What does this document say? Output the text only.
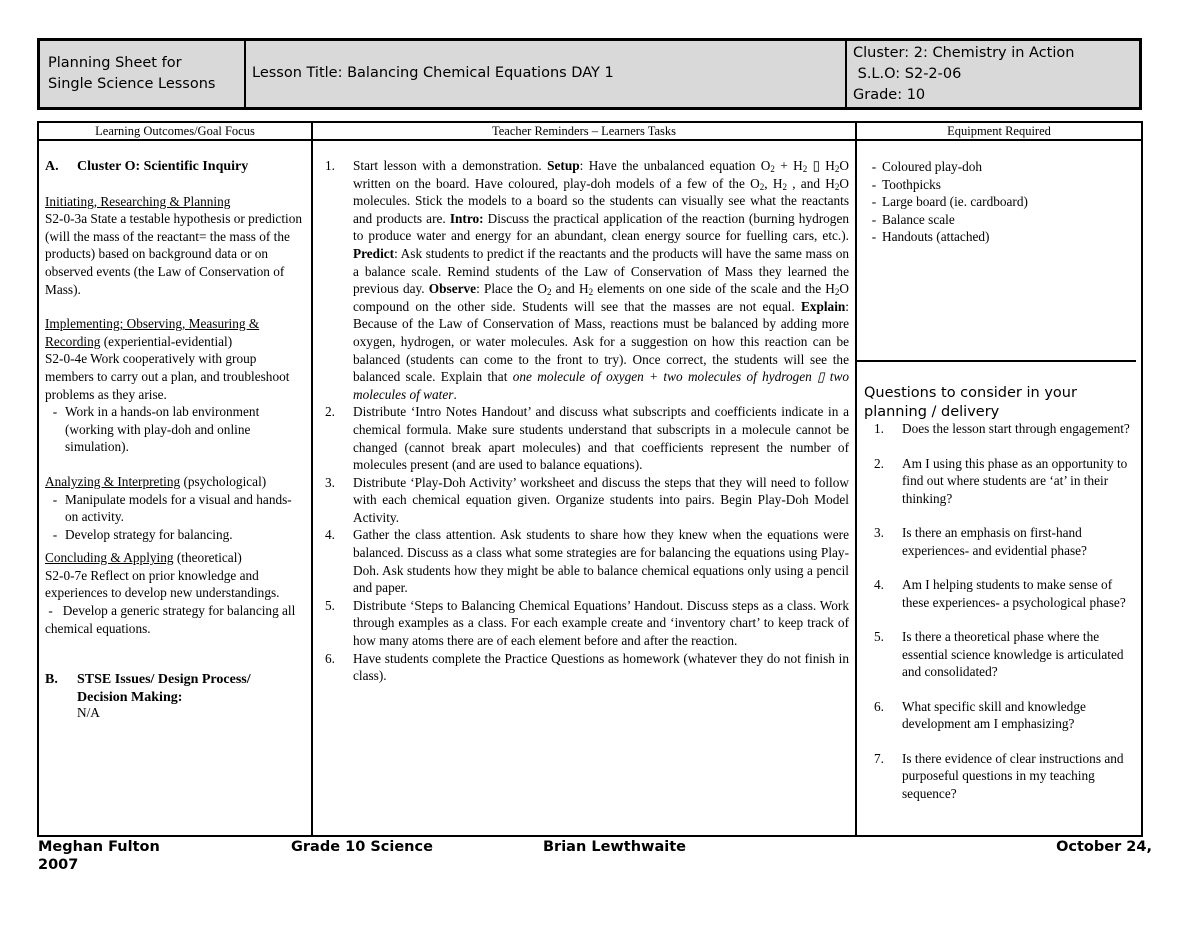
Planning Sheet for
Single Science Lessons
Lesson Title: Balancing Chemical Equations DAY 1
Cluster: 2: Chemistry in Action
S.L.O: S2-2-06
Grade: 10
Learning Outcomes/Goal Focus	Teacher Reminders – Learners Tasks	Equipment Required
A.	Cluster O: Scientific Inquiry
Initiating, Researching & Planning
S2-0-3a State a testable hypothesis or prediction (will the mass of the reactant= the mass of the products) based on background data or on observed events (the Law of Conservation of Mass).
Implementing; Observing, Measuring & Recording (experiential-evidential)
S2-0-4e Work cooperatively with group members to carry out a plan, and troubleshoot problems as they arise.
- Work in a hands-on lab environment (working with play-doh and online simulation).
Analyzing & Interpreting (psychological)
- Manipulate models for a visual and hands-on activity.
- Develop strategy for balancing.
Concluding & Applying (theoretical)
S2-0-7e Reflect on prior knowledge and experiences to develop new understandings.
-   Develop a generic strategy for balancing all chemical equations.
B.	STSE Issues/ Design Process/
Decision Making:
N/A
1.	Start lesson with a demonstration. Setup: Have the unbalanced equation $O_2 + H_2$ ▯ $H_2O$ written on the board. Have coloured, play-doh models of a few of the $O_2$, $H_2$ , and $H_2O$ molecules. Stick the models to a board so the students can visually see what the reactants and products are. Intro: Discuss the practical application of the reaction (burning hydrogen to produce water and energy for an abundant, clean energy source for fuelling cars, etc.). Predict: Ask students to predict if the reactants and the products will have the same mass on a balance scale. Remind students of the Law of Conservation of Mass they learned the previous day. Observe: Place the $O_2$ and $H_2$ elements on one side of the scale and the $H_2O$ compound on the other side. Students will see that the masses are not equal. Explain: Because of the Law of Conservation of Mass, reactions must be balanced by adding more oxygen, hydrogen, or water molecules. Ask for a suggestion on how this reaction can be balanced (students can come to the front to try). Once correct, the students will see the balanced scale. Explain that one molecule of oxygen + two molecules of hydrogen ▯ two molecules of water.
2.	Distribute ‘Intro Notes Handout’ and discuss what subscripts and coefficients indicate in a chemical formula. Make sure students understand that subscripts in a molecule cannot be changed (cannot break apart molecules) and that coefficients represent the number of molecules present (and are used to balance equations).
3.	Distribute ‘Play-Doh Activity’ worksheet and discuss the steps that they will need to follow with each chemical equation given. Organize students into pairs. Begin Play-Doh Model Activity.
4.	Gather the class attention. Ask students to share how they knew when the equations were balanced. Discuss as a class what some strategies are for balancing the equations using Play-Doh. Ask students how they might be able to balance chemical equations only using a pencil and paper.
5.	Distribute ‘Steps to Balancing Chemical Equations’ Handout. Discuss steps as a class. Work through examples as a class. For each example create and ‘inventory chart’ to keep track of how many atoms there are of each element before and after the reaction.
6.	Have students complete the Practice Questions as homework (whatever they do not finish in class).
- Coloured play-doh
- Toothpicks
- Large board (ie. cardboard)
- Balance scale
- Handouts (attached)
Questions to consider in your planning / delivery
1.	Does the lesson start through engagement?
2.	Am I using this phase as an opportunity to find out where students are ‘at’ in their thinking?
3.	Is there an emphasis on first-hand experiences- and evidential phase?
4.	Am I helping students to make sense of these experiences- a psychological phase?
5.	Is there a theoretical phase where the essential science knowledge is articulated and consolidated?
6.	What specific skill and knowledge development am I emphasizing?
7.	Is there evidence of clear instructions and purposeful questions in my teaching sequence?
Meghan Fulton
2007
Grade 10 Science	Brian Lewthwaite	October 24,
